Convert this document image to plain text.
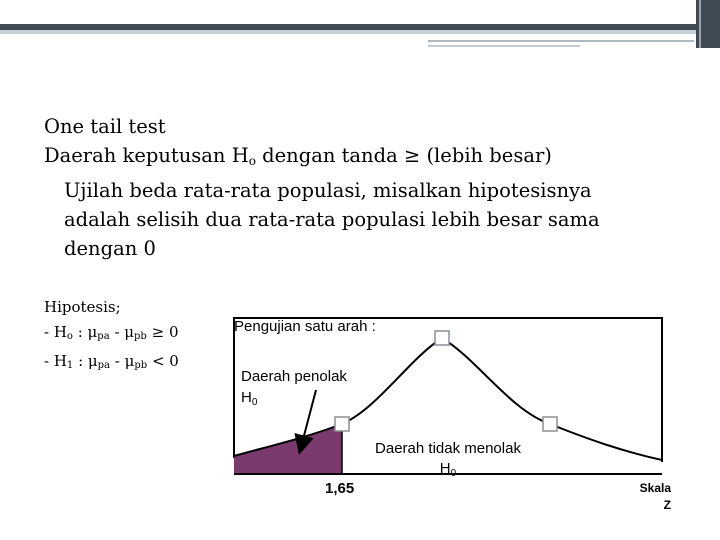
One tail test
Daerah keputusan $H_o$ dengan tanda ≥ (lebih besar)
Ujilah beda rata-rata populasi, misalkan hipotesisnya
adalah selisih dua rata-rata populasi lebih besar sama
dengan 0
Hipotesis;
- $H_o$ : $\mu_{pa} - \mu_{pb} \ge 0$
- $H_1$ : $\mu_{pa} - \mu_{pb} < 0$
Pengujian satu arah :
Daerah penolak
$H_0$
Daerah tidak menolak
$H_0$
1,65	Skala
Z
